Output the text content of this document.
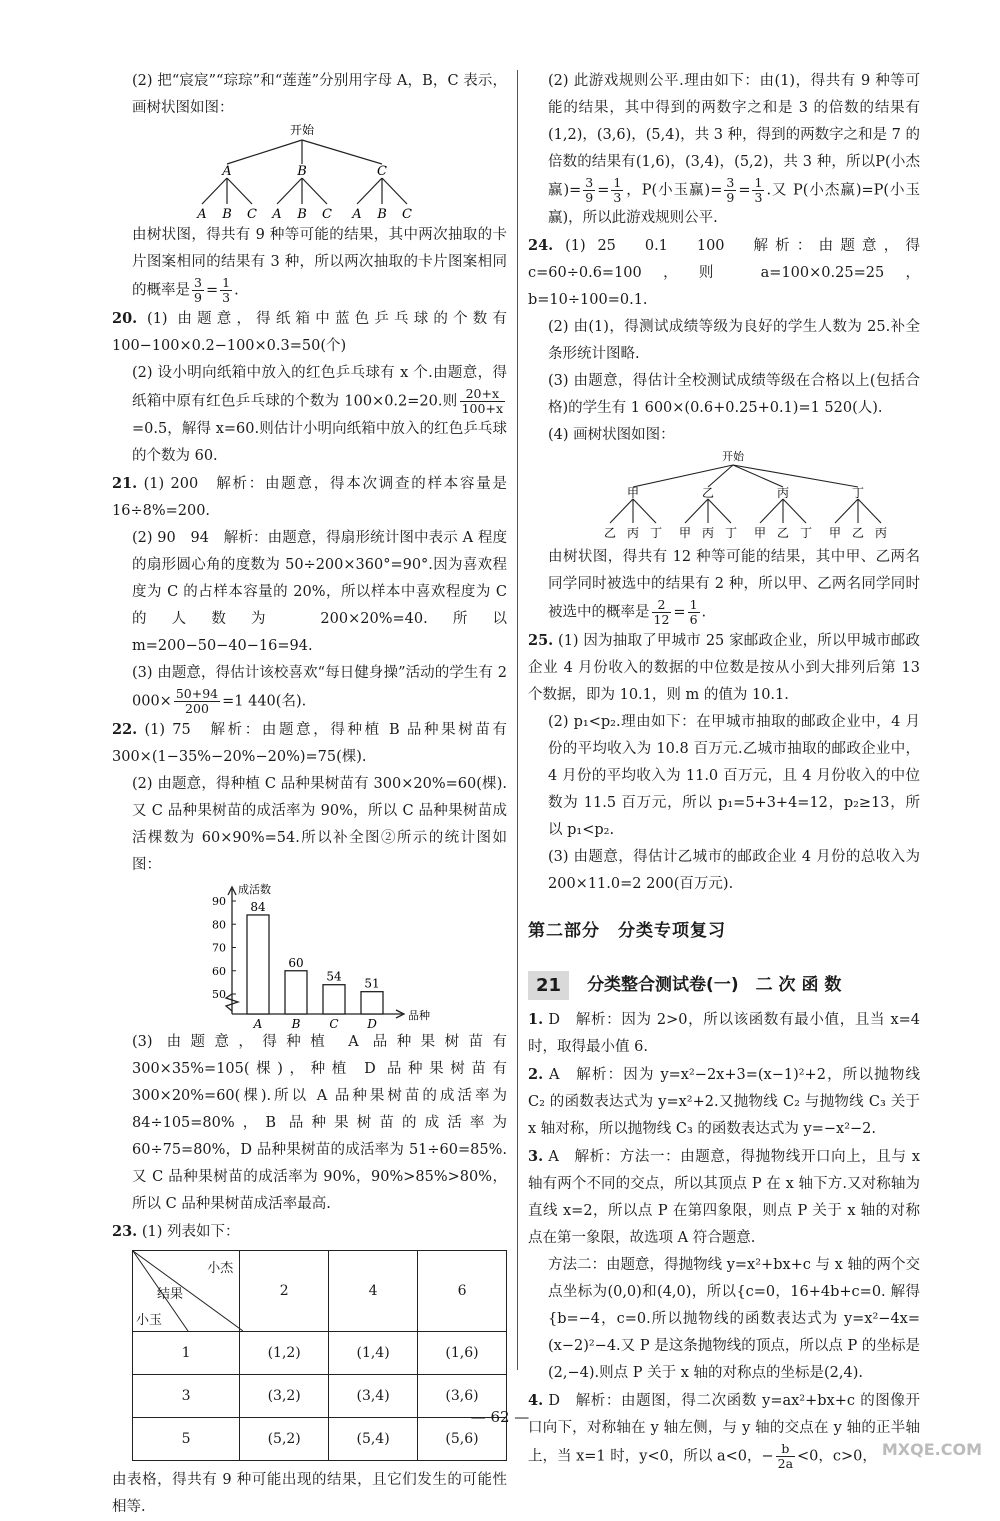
(2) 把“宸宸”“琮琮”和“莲莲”分别用字母 A，B，C 表示，画树状图如图：

开始
A	B	C
A B C A B C A B C

由树状图，得共有 9 种等可能的结果，其中两次抽取的卡片图案相同的结果有 3 种，所以两次抽取的卡片图案相同的概率是 $\frac{3}{9} = \frac{1}{3}$ .

20. (1) 由题意，得纸箱中蓝色乒乓球的个数有 100−100×0.2−100×0.3=50(个)

(2) 设小明向纸箱中放入的红色乒乓球有 x 个.由题意，得纸箱中原有红色乒乓球的个数为 100×0.2=20.则 $\frac{20+x}{100+x}$
=0.5，解得 x=60.则估计小明向纸箱中放入的红色乒乓球的个数为 60.

21. (1) 200　解析：由题意，得本次调查的样本容量是 16÷8%=200.

(2) 90　94　解析：由题意，得扇形统计图中表示 A 程度的扇形圆心角的度数为 50÷200×360°=90°.因为喜欢程度为 C 的占样本容量的 20%，所以样本中喜欢程度为 C 的人数为 200×20%=40.所以 m=200−50−40−16=94.

(3) 由题意，得估计该校喜欢“每日健身操”活动的学生有 2 $000\times \frac{50+94}{200} =1$ 440(名).

22. (1) 75　解析：由题意，得种植 B 品种果树苗有 300×(1−35%−20%−20%)=75(棵).

(2) 由题意，得种植 C 品种果树苗有 300×20%=60(棵).又 C 品种果树苗的成活率为 90%，所以 C 品种果树苗成活棵数为 60×90%=54.所以补全图②所示的统计图如图：

成活数
品种
50
60
70
80
90 84
A
60
B
54
C
51
D

(3) 由题意，得种植 A 品种果树苗有 300×35%=105(棵)，种植 D 品种果树苗有 300×20%=60(棵).所以 A 品种果树苗的成活率为 84÷105=80%，B 品种果树苗的成活率为 60÷75=80%，D 品种果树苗的成活率为 51÷60=85%.又 C 品种果树苗的成活率为 90%，90%>85%>80%，所以 C 品种果树苗成活率最高.

23. (1) 列表如下：

小杰
结果
小玉	2	4	6
1	(1,2)	(1,4)	(1,6)
3	(3,2)	(3,4)	(3,6)
5	(5,2)	(5,4)	(5,6)

由表格，得共有 9 种可能出现的结果，且它们发生的可能性相等.

(2) 此游戏规则公平.理由如下：由(1)，得共有 9 种等可能的结果，其中得到的两数字之和是 3 的倍数的结果有(1,2)，(3,6)，(5,4)，共 3 种，得到的两数字之和是 7 的倍数的结果有(1,6)，(3,4)，(5,2)，共 3 种，所以P(小杰赢)= $\frac{3}{9} = \frac{1}{3}$ ，P(小玉赢)= $\frac{3}{9} = \frac{1}{3}$ .又 P(小杰赢)=P(小玉赢)，所以此游戏规则公平.

24. (1) 25　0.1　100　解析：由题意，得 c=60÷0.6=100，则 a=100×0.25=25，b=10÷100=0.1.

(2) 由(1)，得测试成绩等级为良好的学生人数为 25.补全条形统计图略.

(3) 由题意，得估计全校测试成绩等级在合格以上(包括合格)的学生有 1 600×(0.6+0.25+0.1)=1 520(人).

(4) 画树状图如图：

开始
甲	乙	丙	丁
乙 丙 丁 甲 丙 丁 甲 乙 丁 甲 乙 丙

由树状图，得共有 12 种等可能的结果，其中甲、乙两名同学同时被选中的结果有 2 种，所以甲、乙两名同学同时被选中的概率是 $\frac{2}{12} = \frac{1}{6}$ .

25. (1) 因为抽取了甲城市 25 家邮政企业，所以甲城市邮政企业 4 月份收入的数据的中位数是按从小到大排列后第 13 个数据，即为 10.1，则 m 的值为 10.1.

(2) p₁<p₂.理由如下：在甲城市抽取的邮政企业中，4 月份的平均收入为 10.8 百万元.乙城市抽取的邮政企业中，4 月份的平均收入为 11.0 百万元，且 4 月份收入的中位数为 11.5 百万元，所以 p₁=5+3+4=12，p₂≥13，所以 p₁<p₂.

(3) 由题意，得估计乙城市的邮政企业 4 月份的总收入为 200×11.0=2 200(百万元).

第二部分　分类专项复习
21	分类整合测试卷(一)　二 次 函 数

1. D　解析：因为 2>0，所以该函数有最小值，且当 x=4 时，取得最小值 6.

2. A　解析：因为 y=x²−2x+3=(x−1)²+2，所以抛物线 C₂ 的函数表达式为 y=x²+2.又抛物线 C₂ 与抛物线 C₃ 关于 x 轴对称，所以抛物线 C₃ 的函数表达式为 y=−x²−2.

3. A　解析：方法一：由题意，得抛物线开口向上，且与 x 轴有两个不同的交点，所以其顶点 P 在 x 轴下方.又对称轴为直线 x=2，所以点 P 在第四象限，则点 P 关于 x 轴的对称点在第一象限，故选项 A 符合题意.

方法二：由题意，得抛物线 y=x²+bx+c 与 x 轴的两个交点坐标为(0,0)和(4,0)，所以{c=0，16+4b+c=0. 解得{b=−4，c=0.所以抛物线的函数表达式为 y=x²−4x=(x−2)²−4.又 P 是这条抛物线的顶点，所以点 P 的坐标是(2,−4).则点 P 关于 x 轴的对称点的坐标是(2,4).

4. D　解析：由题图，得二次函数 y=ax²+bx+c 的图像开口向下，对称轴在 y 轴左侧，与 y 轴的交点在 y 轴的正半轴上，当 x=1 时，y<0，所以 a<0，− $\frac{b}{2a} <0$，c>0，

— 62 —
MXQE.COM
